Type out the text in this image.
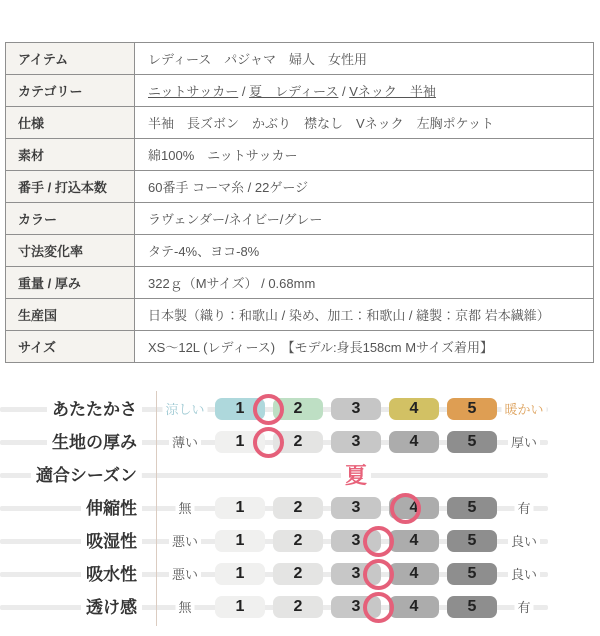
アイテム	レディース　パジャマ　婦人　女性用
カテゴリー	ニットサッカー / 夏　レディース / Vネック　半袖
仕様	半袖　長ズボン　かぶり　襟なし　Vネック　左胸ポケット
素材	綿100%　ニットサッカー
番手 / 打込本数	60番手 コーマ糸 / 22ゲージ
カラー	ラヴェンダー/ネイビー/グレー
寸法変化率	タテ-4%、ヨコ-8%
重量 / 厚み	322ｇ（Mサイズ） / 0.68mm
生産国	日本製（織り：和歌山 / 染め、加工：和歌山 / 縫製：京都 岩本繊維）
サイズ	XS～12L (レディース)　【モデル:身長158cm Mサイズ着用】
あたたかさ	涼しい	1	2	3	4	5	暖かい
生地の厚み	薄い	1	2	3	4	5	厚い
適合シーズン	夏
伸縮性	無	1	2	3	4	5	有
吸湿性	悪い	1	2	3	4	5	良い
吸水性	悪い	1	2	3	4	5	良い
透け感	無	1	2	3	4	5	有
